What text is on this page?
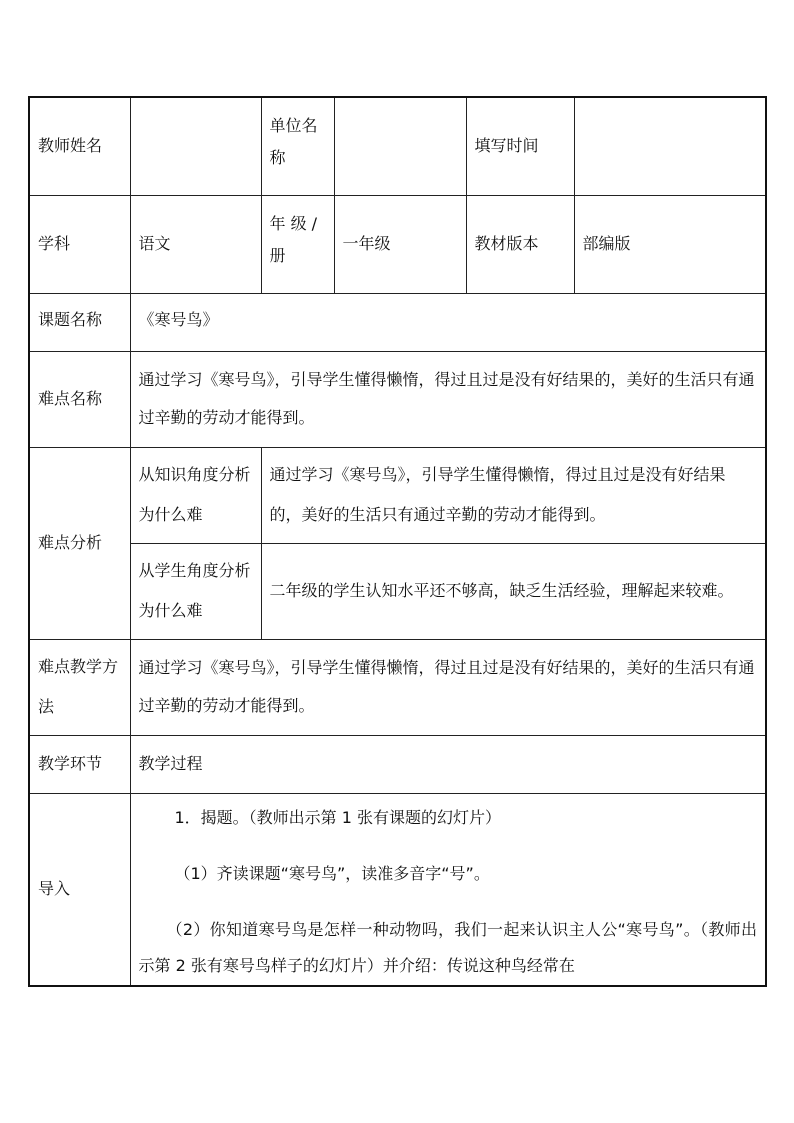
教师姓名		单位名称		填写时间	
学科	语文	年 级 / 册	一年级	教材版本	部编版
课题名称	《寒号鸟》				
难点名称	通过学习《寒号鸟》，引导学生懂得懒惰，得过且过是没有好结果的，美好的生活只有通过辛勤的劳动才能得到。				
难点分析	从知识角度分析为什么难	通过学习《寒号鸟》，引导学生懂得懒惰，得过且过是没有好结果的，美好的生活只有通过辛勤的劳动才能得到。			
	从学生角度分析为什么难	二年级的学生认知水平还不够高，缺乏生活经验，理解起来较难。			
难点教学方法	通过学习《寒号鸟》，引导学生懂得懒惰，得过且过是没有好结果的，美好的生活只有通过辛勤的劳动才能得到。				
教学环节	教学过程				
导入	1．揭题。（教师出示第 1 张有课题的幻灯片）

（1）齐读课题“寒号鸟”，读准多音字“号”。

（2）你知道寒号鸟是怎样一种动物吗，我们一起来认识主人公“寒号鸟”。（教师出示第 2 张有寒号鸟样子的幻灯片）并介绍：传说这种鸟经常在				
